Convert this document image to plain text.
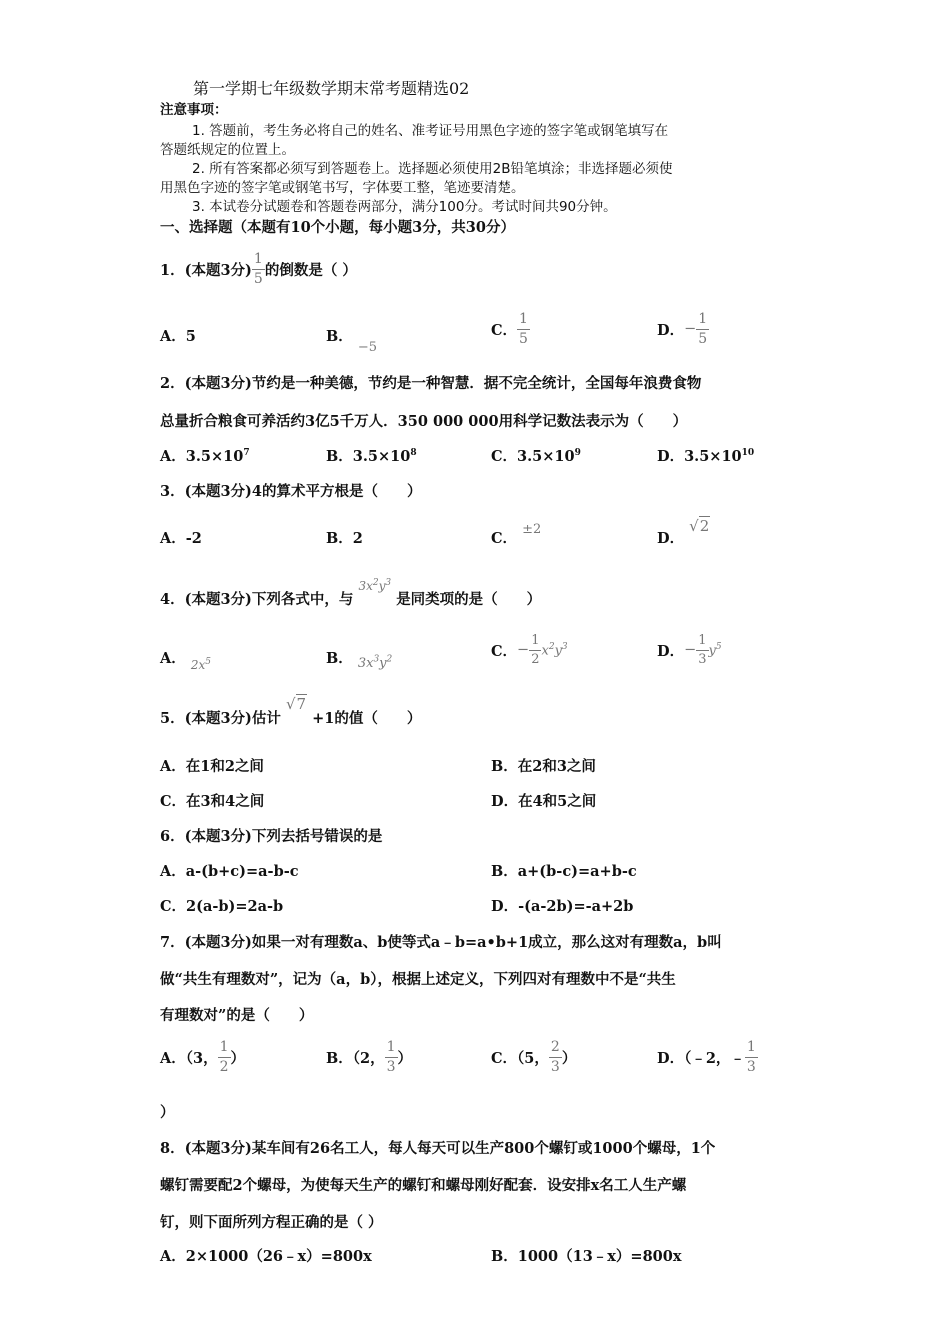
第一学期七年级数学期末常考题精选02
注意事项：
1. 答题前，考生务必将自己的姓名、准考证号用黑色字迹的签字笔或钢笔填写在
答题纸规定的位置上。
2. 所有答案都必须写到答题卷上。选择题必须使用2B铅笔填涂；非选择题必须使
用黑色字迹的签字笔或钢笔书写，字体要工整，笔迹要清楚。
3. 本试卷分试题卷和答题卷两部分，满分100分。考试时间共90分钟。
一、选择题（本题有10个小题，每小题3分，共30分）
1．(本题3分) $\frac{1}{5}$ 的倒数是（ ）
A．5	B． −5
C． $\frac{1}{5}$	D． − $\frac{1}{5}$
2．(本题3分)节约是一种美德，节约是一种智慧．据不完全统计，全国每年浪费食物
总量折合粮食可养活约3亿5千万人．350 000 000用科学记数法表示为（　　）
A．$3.5\times 10^7$	B．$3.5\times 10^8$	C．$3.5\times 10^9$	D．$3.5\times 10^{10}$
3．(本题3分)4的算术平方根是（　　）
A．-2	B．2	C． ±2
D． √2
4．(本题3分)下列各式中，与 $^{3x^2y^3}$ 是同类项的是（　　）
A． $_{2x^5}$	B． $3x^3y^2$
C． − $\frac{1}{2} x^2y^3$	D． − $\frac{1}{3} y^5$
5．(本题3分)估计 √7 +1的值（　　）
A．在1和2之间	B．在2和3之间
C．在3和4之间	D．在4和5之间
6．(本题3分)下列去括号错误的是
A．a-(b+c)=a-b-c	B．a+(b-c)=a+b-c
C．2(a-b)=2a-b	D．-(a-2b)=-a+2b
7．(本题3分)如果一对有理数a、b使等式a﹣b=a•b+1成立，那么这对有理数a，b叫
做“共生有理数对”，记为（a，b），根据上述定义，下列四对有理数中不是“共生
有理数对”的是（　　）
A．（3， $\frac{1}{2}$ ）	B．（2， $\frac{1}{3}$ ）	C．（5， $\frac{2}{3}$ ）	D．（﹣2，﹣ $\frac{1}{3}$
）
8．(本题3分)某车间有26名工人，每人每天可以生产800个螺钉或1000个螺母，1个
螺钉需要配2个螺母，为使每天生产的螺钉和螺母刚好配套．设安排x名工人生产螺
钉，则下面所列方程正确的是（ ）
A．2×1000（26﹣x）=800x	B．1000（13﹣x）=800x
